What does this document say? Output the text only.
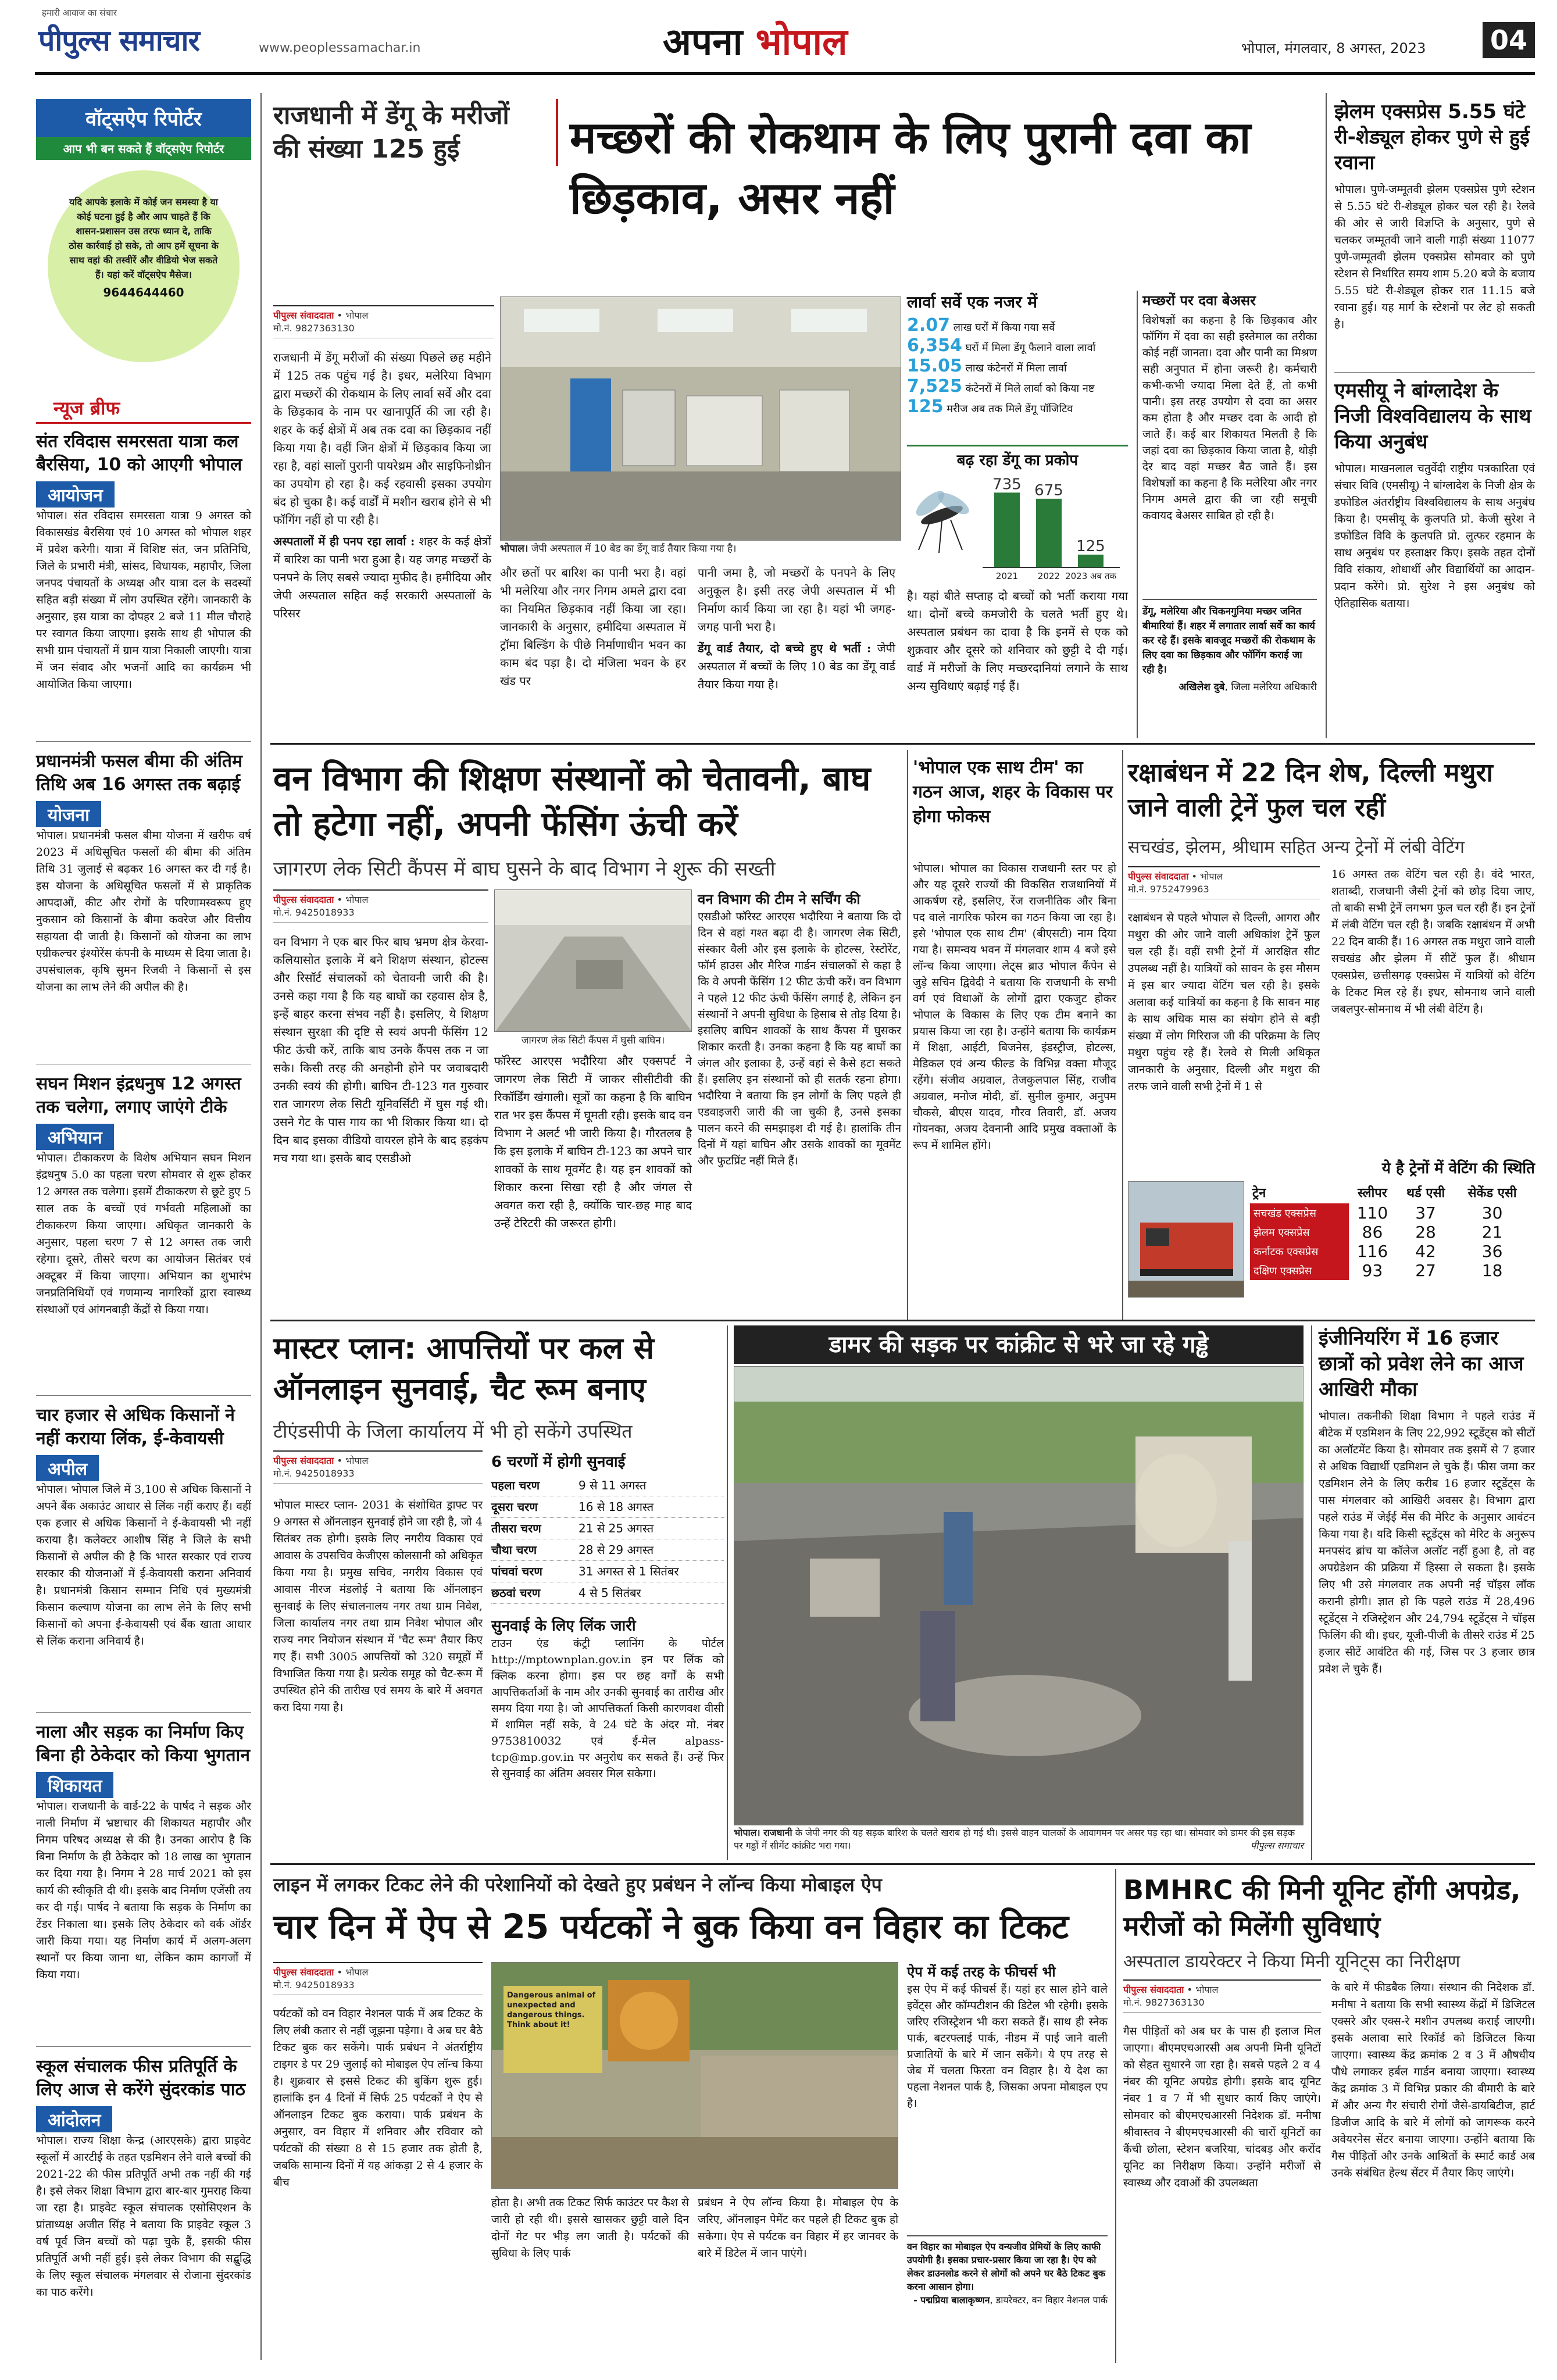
हमारी आवाज का संचार
पीपुल्स समाचार	www.peoplessamachar.in	अपना भोपाल	भोपाल, मंगलवार, 8 अगस्त, 2023 04
वॉट्सऐप रिपोर्टर
आप भी बन सकते हैं वॉट्सऐप रिपोर्टर
यदि आपके इलाके में कोई जन समस्या है या कोई घटना हुई है और आप चाहते हैं कि शासन-प्रशासन उस तरफ ध्यान दे, ताकि ठोस कार्रवाई हो सके, तो आप हमें सूचना के साथ वहां की तस्वीरें और वीडियो भेज सकते हैं। यहां करें वॉट्सऐप मैसेज।
9644644460
न्यूज ब्रीफ
संत रविदास समरसता यात्रा कल बैरसिया, 10 को आएगी भोपाल
आयोजन
भोपाल। संत रविदास समरसता यात्रा 9 अगस्त को विकासखंड बैरसिया एवं 10 अगस्त को भोपाल शहर में प्रवेश करेगी। यात्रा में विशिष्ट संत, जन प्रतिनिधि, जिले के प्रभारी मंत्री, सांसद, विधायक, महापौर, जिला जनपद पंचायतों के अध्यक्ष और यात्रा दल के सदस्यों सहित बड़ी संख्या में लोग उपस्थित रहेंगे। जानकारी के अनुसार, इस यात्रा का दोपहर 2 बजे 11 मील चौराहे पर स्वागत किया जाएगा। इसके साथ ही भोपाल की सभी ग्राम पंचायतों में ग्राम यात्रा निकाली जाएगी। यात्रा में जन संवाद और भजनों आदि का कार्यक्रम भी आयोजित किया जाएगा।
प्रधानमंत्री फसल बीमा की अंतिम तिथि अब 16 अगस्त तक बढ़ाई
योजना
भोपाल। प्रधानमंत्री फसल बीमा योजना में खरीफ वर्ष 2023 में अधिसूचित फसलों की बीमा की अंतिम तिथि 31 जुलाई से बढ़कर 16 अगस्त कर दी गई है। इस योजना के अधिसूचित फसलों में से प्राकृतिक आपदाओं, कीट और रोगों के परिणामस्वरूप हुए नुकसान को किसानों के बीमा कवरेज और वित्तीय सहायता दी जाती है। किसानों को योजना का लाभ एग्रीकल्चर इंश्योरेंस कंपनी के माध्यम से दिया जाता है। उपसंचालक, कृषि सुमन रिजवी ने किसानों से इस योजना का लाभ लेने की अपील की है।
सघन मिशन इंद्रधनुष 12 अगस्त तक चलेगा, लगाए जाएंगे टीके
अभियान
भोपाल। टीकाकरण के विशेष अभियान सघन मिशन इंद्रधनुष 5.0 का पहला चरण सोमवार से शुरू होकर 12 अगस्त तक चलेगा। इसमें टीकाकरण से छूटे हुए 5 साल तक के बच्चों एवं गर्भवती महिलाओं का टीकाकरण किया जाएगा। अधिकृत जानकारी के अनुसार, पहला चरण 7 से 12 अगस्त तक जारी रहेगा। दूसरे, तीसरे चरण का आयोजन सितंबर एवं अक्टूबर में किया जाएगा। अभियान का शुभारंभ जनप्रतिनिधियों एवं गणमान्य नागरिकों द्वारा स्वास्थ्य संस्थाओं एवं आंगनबाड़ी केंद्रों से किया गया।
चार हजार से अधिक किसानों ने नहीं कराया लिंक, ई-केवायसी
अपील
भोपाल। भोपाल जिले में 3,100 से अधिक किसानों ने अपने बैंक अकाउंट आधार से लिंक नहीं कराए हैं। वहीं एक हजार से अधिक किसानों ने ई-केवायसी भी नहीं कराया है। कलेक्टर आशीष सिंह ने जिले के सभी किसानों से अपील की है कि भारत सरकार एवं राज्य सरकार की योजनाओं में ई-केवायसी कराना अनिवार्य है। प्रधानमंत्री किसान सम्मान निधि एवं मुख्यमंत्री किसान कल्याण योजना का लाभ लेने के लिए सभी किसानों को अपना ई-केवायसी एवं बैंक खाता आधार से लिंक कराना अनिवार्य है।
नाला और सड़क का निर्माण किए बिना ही ठेकेदार को किया भुगतान
शिकायत
भोपाल। राजधानी के वार्ड-22 के पार्षद ने सड़क और नाली निर्माण में भ्रष्टाचार की शिकायत महापौर और निगम परिषद अध्यक्ष से की है। उनका आरोप है कि बिना निर्माण के ही ठेकेदार को 18 लाख का भुगतान कर दिया गया है। निगम ने 28 मार्च 2021 को इस कार्य की स्वीकृति दी थी। इसके बाद निर्माण एजेंसी तय कर दी गई। पार्षद ने बताया कि सड़क के निर्माण का टेंडर निकाला था। इसके लिए ठेकेदार को वर्क ऑर्डर जारी किया गया। यह निर्माण कार्य में अलग-अलग स्थानों पर किया जाना था, लेकिन काम कागजों में किया गया।
स्कूल संचालक फीस प्रतिपूर्ति के लिए आज से करेंगे सुंदरकांड पाठ
आंदोलन
भोपाल। राज्य शिक्षा केन्द्र (आरएसके) द्वारा प्राइवेट स्कूलों में आरटीई के तहत एडमिशन लेने वाले बच्चों की 2021-22 की फीस प्रतिपूर्ति अभी तक नहीं की गई है। इसे लेकर शिक्षा विभाग द्वारा बार-बार गुमराह किया जा रहा है। प्राइवेट स्कूल संचालक एसोसिएशन के प्रांताध्यक्ष अजीत सिंह ने बताया कि प्राइवेट स्कूल 3 वर्ष पूर्व जिन बच्चों को पढ़ा चुके हैं, इसकी फीस प्रतिपूर्ति अभी नहीं हुई। इसे लेकर विभाग की सद्बुद्धि के लिए स्कूल संचालक मंगलवार से रोजाना सुंदरकांड का पाठ करेंगे।
राजधानी में डेंगू के मरीजों की संख्या 125 हुई	मच्छरों की रोकथाम के लिए पुरानी दवा का छिड़काव, असर नहीं
पीपुल्स संवाददाता • भोपाल
मो.नं. 9827363130
भोपाल। जेपी अस्पताल में 10 बेड का डेंगू वार्ड तैयार किया गया है।

राजधानी में डेंगू मरीजों की संख्या पिछले छह महीने में 125 तक पहुंच गई है। इधर, मलेरिया विभाग द्वारा मच्छरों की रोकथाम के लिए लार्वा सर्वे और दवा के छिड़काव के नाम पर खानापूर्ति की जा रही है। शहर के कई क्षेत्रों में अब तक दवा का छिड़काव नहीं किया गया है। वहीं जिन क्षेत्रों में छिड़काव किया जा रहा है, वहां सालों पुरानी पायरेथ्रम और साइफिनोथ्रीन का उपयोग हो रहा है। कई रहवासी इसका उपयोग बंद हो चुका है। कई वार्डों में मशीन खराब होने से भी फॉगिंग नहीं हो पा रही है।

अस्पतालों में ही पनप रहा लार्वा : शहर के कई क्षेत्रों में बारिश का पानी भरा हुआ है। यह जगह मच्छरों के पनपने के लिए सबसे ज्यादा मुफीद है। हमीदिया और जेपी अस्पताल सहित कई सरकारी अस्पतालों के परिसर

और छतों पर बारिश का पानी भरा है। वहां भी मलेरिया और नगर निगम अमले द्वारा दवा का नियमित छिड़काव नहीं किया जा रहा। जानकारी के अनुसार, हमीदिया अस्पताल में ट्रॉमा बिल्डिंग के पीछे निर्माणाधीन भवन का काम बंद पड़ा है। दो मंजिला भवन के हर खंड पर

पानी जमा है, जो मच्छरों के पनपने के लिए अनुकूल है। इसी तरह जेपी अस्पताल में भी निर्माण कार्य किया जा रहा है। यहां भी जगह-जगह पानी भरा है।

डेंगू वार्ड तैयार, दो बच्चे हुए थे भर्ती : जेपी अस्पताल में बच्चों के लिए 10 बेड का डेंगू वार्ड तैयार किया गया है।

लार्वा सर्वे एक नजर में
2.07 लाख घरों में किया गया सर्वे
6,354 घरों में मिला डेंगू फैलाने वाला लार्वा
15.05 लाख कंटेनरों में मिला लार्वा
7,525 कंटेनरों में मिले लार्वा को किया नष्ट
125 मरीज अब तक मिले डेंगू पॉजिटिव
बढ़ रहा डेंगू का प्रकोप
735
2021
675
2022
125
2023 अब तक

है। यहां बीते सप्ताह दो बच्चों को भर्ती कराया गया था। दोनों बच्चे कमजोरी के चलते भर्ती हुए थे। अस्पताल प्रबंधन का दावा है कि इनमें से एक को शुक्रवार और दूसरे को शनिवार को छुट्टी दे दी गई। वार्ड में मरीजों के लिए मच्छरदानियां लगाने के साथ अन्य सुविधाएं बढ़ाई गई हैं।

मच्छरों पर दवा बेअसर
विशेषज्ञों का कहना है कि छिड़काव और फॉगिंग में दवा का सही इस्तेमाल का तरीका कोई नहीं जानता। दवा और पानी का मिश्रण सही अनुपात में होना जरूरी है। कर्मचारी कभी-कभी ज्यादा मिला देते हैं, तो कभी पानी। इस तरह उपयोग से दवा का असर कम होता है और मच्छर दवा के आदी हो जाते हैं। कई बार शिकायत मिलती है कि जहां दवा का छिड़काव किया जाता है, थोड़ी देर बाद वहां मच्छर बैठ जाते हैं। इस विशेषज्ञों का कहना है कि मलेरिया और नगर निगम अमले द्वारा की जा रही समूची कवायद बेअसर साबित हो रही है।
डेंगू, मलेरिया और चिकनगुनिया मच्छर जनित बीमारियां हैं। शहर में लगातार लार्वा सर्वे का कार्य कर रहे हैं। इसके बावजूद मच्छरों की रोकथाम के लिए दवा का छिड़काव और फॉगिंग कराई जा रही है।
अखिलेश दुबे, जिला मलेरिया अधिकारी
झेलम एक्सप्रेस 5.55 घंटे री-शेड्यूल होकर पुणे से हुई रवाना
भोपाल। पुणे-जम्मूतवी झेलम एक्सप्रेस पुणे स्टेशन से 5.55 घंटे री-शेड्यूल होकर चल रही है। रेलवे की ओर से जारी विज्ञप्ति के अनुसार, पुणे से चलकर जम्मूतवी जाने वाली गाड़ी संख्या 11077 पुणे-जम्मूतवी झेलम एक्सप्रेस सोमवार को पुणे स्टेशन से निर्धारित समय शाम 5.20 बजे के बजाय 5.55 घंटे री-शेड्यूल होकर रात 11.15 बजे रवाना हुई। यह मार्ग के स्टेशनों पर लेट हो सकती है।
एमसीयू ने बांग्लादेश के निजी विश्वविद्यालय के साथ किया अनुबंध
भोपाल। माखनलाल चतुर्वेदी राष्ट्रीय पत्रकारिता एवं संचार विवि (एमसीयू) ने बांग्लादेश के निजी क्षेत्र के डफोडिल अंतर्राष्ट्रीय विश्वविद्यालय के साथ अनुबंध किया है। एमसीयू के कुलपति प्रो. केजी सुरेश ने डफोडिल विवि के कुलपति प्रो. लुत्फर रहमान के साथ अनुबंध पर हस्ताक्षर किए। इसके तहत दोनों विवि संकाय, शोधार्थी और विद्यार्थियों का आदान-प्रदान करेंगे। प्रो. सुरेश ने इस अनुबंध को ऐतिहासिक बताया।
वन विभाग की शिक्षण संस्थानों को चेतावनी, बाघ तो हटेगा नहीं, अपनी फेंसिंग ऊंची करें
जागरण लेक सिटी कैंपस में बाघ घुसने के बाद विभाग ने शुरू की सख्ती
पीपुल्स संवाददाता • भोपाल
मो.नं. 9425018933
वन विभाग ने एक बार फिर बाघ भ्रमण क्षेत्र केरवा-कलियासोत इलाके में बने शिक्षण संस्थान, होटल्स और रिसॉर्ट संचालकों को चेतावनी जारी की है। उनसे कहा गया है कि यह बाघों का रहवास क्षेत्र है, इन्हें बाहर करना संभव नहीं है। इसलिए, ये शिक्षण संस्थान सुरक्षा की दृष्टि से स्वयं अपनी फेंसिंग 12 फीट ऊंची करें, ताकि बाघ उनके कैंपस तक न जा सके। किसी तरह की अनहोनी होने पर जवाबदारी उनकी स्वयं की होगी। बाघिन टी-123 गत गुरुवार रात जागरण लेक सिटी यूनिवर्सिटी में घुस गई थी। उसने गेट के पास गाय का भी शिकार किया था। दो दिन बाद इसका वीडियो वायरल होने के बाद हड़कंप मच गया था। इसके बाद एसडीओ
जागरण लेक सिटी कैंपस में घुसी बाघिन।
फॉरेस्ट आरएस भदौरिया और एक्सपर्ट ने जागरण लेक सिटी में जाकर सीसीटीवी की रिकॉर्डिंग खंगाली। सूत्रों का कहना है कि बाघिन रात भर इस कैंपस में घूमती रही। इसके बाद वन विभाग ने अलर्ट भी जारी किया है। गौरतलब है कि इस इलाके में बाघिन टी-123 का अपने चार शावकों के साथ मूवमेंट है। यह इन शावकों को शिकार करना सिखा रही है और जंगल से अवगत करा रही है, क्योंकि चार-छह माह बाद उन्हें टेरिटरी की जरूरत होगी।
वन विभाग की टीम ने सर्चिंग की
एसडीओ फॉरेस्ट आरएस भदौरिया ने बताया कि दो दिन से वहां गश्त बढ़ा दी है। जागरण लेक सिटी, संस्कार वैली और इस इलाके के होटल्स, रेस्टोरेंट, फॉर्म हाउस और मैरिज गार्डन संचालकों से कहा है कि वे अपनी फेंसिंग 12 फीट ऊंची करें। वन विभाग ने पहले 12 फीट ऊंची फेंसिंग लगाई है, लेकिन इन संस्थानों ने अपनी सुविधा के हिसाब से तोड़ दिया है। इसलिए बाघिन शावकों के साथ कैंपस में घुसकर शिकार करती है। उनका कहना है कि यह बाघों का जंगल और इलाका है, उन्हें वहां से कैसे हटा सकते हैं। इसलिए इन संस्थानों को ही सतर्क रहना होगा। भदौरिया ने बताया कि इन लोगों के लिए पहले ही एडवाइजरी जारी की जा चुकी है, उनसे इसका पालन करने की समझाइश दी गई है। हालांकि तीन दिनों में यहां बाघिन और उसके शावकों का मूवमेंट और फुटप्रिंट नहीं मिले हैं।
'भोपाल एक साथ टीम' का गठन आज, शहर के विकास पर होगा फोकस
भोपाल। भोपाल का विकास राजधानी स्तर पर हो और यह दूसरे राज्यों की विकसित राजधानियों में आकर्षण रहे, इसलिए, रेंज राजनीतिक और बिना पद वाले नागरिक फोरम का गठन किया जा रहा है। इसे 'भोपाल एक साथ टीम' (बीएसटी) नाम दिया गया है। समन्वय भवन में मंगलवार शाम 4 बजे इसे लॉन्च किया जाएगा। लेट्स ब्राउ भोपाल कैंपेन से जुड़े सचिन द्विवेदी ने बताया कि राजधानी के सभी वर्ग एवं विधाओं के लोगों द्वारा एकजुट होकर भोपाल के विकास के लिए एक टीम बनाने का प्रयास किया जा रहा है। उन्होंने बताया कि कार्यक्रम में शिक्षा, आईटी, बिजनेस, इंडस्ट्रीज, होटल्स, मेडिकल एवं अन्य फील्ड के विभिन्न वक्ता मौजूद रहेंगे। संजीव अग्रवाल, तेजकुलपाल सिंह, राजीव अग्रवाल, मनोज मोदी, डॉ. सुनील कुमार, अनुपम चौकसे, बीएस यादव, गौरव तिवारी, डॉ. अजय गोयनका, अजय देवनानी आदि प्रमुख वक्ताओं के रूप में शामिल होंगे।
रक्षाबंधन में 22 दिन शेष, दिल्ली मथुरा जाने वाली ट्रेनें फुल चल रहीं
सचखंड, झेलम, श्रीधाम सहित अन्य ट्रेनों में लंबी वेटिंग
पीपुल्स संवाददाता • भोपाल
मो.नं. 9752479963
रक्षाबंधन से पहले भोपाल से दिल्ली, आगरा और मथुरा की ओर जाने वाली अधिकांश ट्रेनें फुल चल रही हैं। वहीं सभी ट्रेनों में आरक्षित सीट उपलब्ध नहीं है। यात्रियों को सावन के इस मौसम में इस बार ज्यादा वेटिंग चल रही है। इसके अलावा कई यात्रियों का कहना है कि सावन माह के साथ अधिक मास का संयोग होने से बड़ी संख्या में लोग गिरिराज जी की परिक्रमा के लिए मथुरा पहुंच रहे हैं। रेलवे से मिली अधिकृत जानकारी के अनुसार, दिल्ली और मथुरा की तरफ जाने वाली सभी ट्रेनों में 1 से
16 अगस्त तक वेटिंग चल रही है। वंदे भारत, शताब्दी, राजधानी जैसी ट्रेनों को छोड़ दिया जाए, तो बाकी सभी ट्रेनें लगभग फुल चल रही हैं। इन ट्रेनों में लंबी वेटिंग चल रही है। जबकि रक्षाबंधन में अभी 22 दिन बाकी हैं। 16 अगस्त तक मथुरा जाने वाली सचखंड और झेलम में सीटें फुल हैं। श्रीधाम एक्सप्रेस, छत्तीसगढ़ एक्सप्रेस में यात्रियों को वेटिंग के टिकट मिल रहे हैं। इधर, सोमनाथ जाने वाली जबलपुर-सोमनाथ में भी लंबी वेटिंग है।
ये है ट्रेनों में वेटिंग की स्थिति
ट्रेन	स्लीपर	थर्ड एसी	सेकेंड एसी
सचखंड एक्सप्रेस	110	37	30
झेलम एक्सप्रेस	86	28	21
कर्नाटक एक्सप्रेस	116	42	36
दक्षिण एक्सप्रेस	93	27	18
मास्टर प्लान: आपत्तियों पर कल से ऑनलाइन सुनवाई, चैट रूम बनाए
टीएंडसीपी के जिला कार्यालय में भी हो सकेंगे उपस्थित
पीपुल्स संवाददाता • भोपाल
मो.नं. 9425018933
भोपाल मास्टर प्लान- 2031 के संशोधित ड्राफ्ट पर 9 अगस्त से ऑनलाइन सुनवाई होने जा रही है, जो 4 सितंबर तक होगी। इसके लिए नगरीय विकास एवं आवास के उपसचिव केजीएस कोलसानी को अधिकृत किया गया है। प्रमुख सचिव, नगरीय विकास एवं आवास नीरज मंडलोई ने बताया कि ऑनलाइन सुनवाई के लिए संचालनालय नगर तथा ग्राम निवेश, जिला कार्यालय नगर तथा ग्राम निवेश भोपाल और राज्य नगर नियोजन संस्थान में 'चैट रूम' तैयार किए गए हैं। सभी 3005 आपत्तियों को 320 समूहों में विभाजित किया गया है। प्रत्येक समूह को चैट-रूम में उपस्थित होने की तारीख एवं समय के बारे में अवगत करा दिया गया है।
6 चरणों में होगी सुनवाई
पहला चरण	9 से 11 अगस्त
दूसरा चरण	16 से 18 अगस्त
तीसरा चरण	21 से 25 अगस्त
चौथा चरण	28 से 29 अगस्त
पांचवां चरण	31 अगस्त से 1 सितंबर
छठवां चरण	4 से 5 सितंबर
सुनवाई के लिए लिंक जारी
टाउन एंड कंट्री प्लानिंग के पोर्टल http://mptownplan.gov.in इन पर लिंक को क्लिक करना होगा। इस पर छह वर्गों के सभी आपत्तिकर्ताओं के नाम और उनकी सुनवाई का तारीख और समय दिया गया है। जो आपत्तिकर्ता किसी कारणवश वीसी में शामिल नहीं सके, वे 24 घंटे के अंदर मो. नंबर 9753810032 एवं ई-मेल alpass-tcp@mp.gov.in पर अनुरोध कर सकते हैं। उन्हें फिर से सुनवाई का अंतिम अवसर मिल सकेगा।
डामर की सड़क पर कांक्रीट से भरे जा रहे गड्ढे
भोपाल। राजधानी के जेपी नगर की यह सड़क बारिश के चलते खराब हो गई थी। इससे वाहन चालकों के आवागमन पर असर पड़ रहा था। सोमवार को डामर की इस सड़क पर गड्ढों में सीमेंट कांक्रीट भरा गया।	पीपुल्स समाचार
इंजीनियरिंग में 16 हजार छात्रों को प्रवेश लेने का आज आखिरी मौका
भोपाल। तकनीकी शिक्षा विभाग ने पहले राउंड में बीटेक में एडमिशन के लिए 22,992 स्टूडेंट्स को सीटों का अलॉटमेंट किया है। सोमवार तक इसमें से 7 हजार से अधिक विद्यार्थी एडमिशन ले चुके हैं। फीस जमा कर एडमिशन लेने के लिए करीब 16 हजार स्टूडेंट्स के पास मंगलवार को आखिरी अवसर है। विभाग द्वारा पहले राउंड में जेईई मेंस की मेरिट के अनुसार आवंटन किया गया है। यदि किसी स्टूडेंट्स को मेरिट के अनुरूप मनपसंद ब्रांच या कॉलेज अलॉट नहीं हुआ है, तो वह अपग्रेडेशन की प्रक्रिया में हिस्सा ले सकता है। इसके लिए भी उसे मंगलवार तक अपनी नई चॉइस लॉक करानी होगी। ज्ञात हो कि पहले राउंड में 28,496 स्टूडेंट्स ने रजिस्ट्रेशन और 24,794 स्टूडेंट्स ने चॉइस फिलिंग की थी। इधर, यूजी-पीजी के तीसरे राउंड में 25 हजार सीटें आवंटित की गई, जिस पर 3 हजार छात्र प्रवेश ले चुके हैं।
लाइन में लगकर टिकट लेने की परेशानियों को देखते हुए प्रबंधन ने लॉन्च किया मोबाइल ऐप
चार दिन में ऐप से 25 पर्यटकों ने बुक किया वन विहार का टिकट
पीपुल्स संवाददाता • भोपाल
मो.नं. 9425018933
पर्यटकों को वन विहार नेशनल पार्क में अब टिकट के लिए लंबी कतार से नहीं जूझना पड़ेगा। वे अब घर बैठे टिकट बुक कर सकेंगे। पार्क प्रबंधन ने अंतर्राष्ट्रीय टाइगर डे पर 29 जुलाई को मोबाइल ऐप लॉन्च किया है। शुक्रवार से इससे टिकट की बुकिंग शुरू हुई। हालांकि इन 4 दिनों में सिर्फ 25 पर्यटकों ने ऐप से ऑनलाइन टिकट बुक कराया। पार्क प्रबंधन के अनुसार, वन विहार में शनिवार और रविवार को पर्यटकों की संख्या 8 से 15 हजार तक होती है, जबकि सामान्य दिनों में यह आंकड़ा 2 से 4 हजार के बीच
Dangerous animal of unexpected and dangerous things. Think about it!
होता है। अभी तक टिकट सिर्फ काउंटर पर कैश से जारी हो रही थी। इससे खासकर छुट्टी वाले दिन दोनों गेट पर भीड़ लग जाती है। पर्यटकों की सुविधा के लिए पार्क
प्रबंधन ने ऐप लॉन्च किया है। मोबाइल ऐप के जरिए, ऑनलाइन पेमेंट कर पहले ही टिकट बुक हो सकेगा। ऐप से पर्यटक वन विहार में हर जानवर के बारे में डिटेल में जान पाएंगे।
ऐप में कई तरह के फीचर्स भी
इस ऐप में कई फीचर्स हैं। यहां हर साल होने वाले इवेंट्स और कॉम्पटीशन की डिटेल भी रहेगी। इसके जरिए रजिस्ट्रेशन भी करा सकते हैं। साथ ही स्नेक पार्क, बटरफ्लाई पार्क, नीडम में पाई जाने वाली प्रजातियों के बारे में जान सकेंगे। ये एप तरह से जेब में चलता फिरता वन विहार है। ये देश का पहला नेशनल पार्क है, जिसका अपना मोबाइल एप है।
वन विहार का मोबाइल ऐप वन्यजीव प्रेमियों के लिए काफी उपयोगी है। इसका प्रचार-प्रसार किया जा रहा है। ऐप को लेकर डाउनलोड करने से लोगों को अपने घर बैठे टिकट बुक करना आसान होगा।
- पद्मप्रिया बालाकृष्णन, डायरेक्टर, वन विहार नेशनल पार्क
BMHRC की मिनी यूनिट होंगी अपग्रेड, मरीजों को मिलेंगी सुविधाएं
अस्पताल डायरेक्टर ने किया मिनी यूनिट्स का निरीक्षण
पीपुल्स संवाददाता • भोपाल
मो.नं. 9827363130
गैस पीड़ितों को अब घर के पास ही इलाज मिल जाएगा। बीएमएचआरसी अब अपनी मिनी यूनिटों को सेहत सुधारने जा रहा है। सबसे पहले 2 व 4 नंबर की यूनिट अपग्रेड होगी। इसके बाद यूनिट नंबर 1 व 7 में भी सुधार कार्य किए जाएंगे। सोमवार को बीएमएचआरसी निदेशक डॉ. मनीषा श्रीवास्तव ने बीएमएचआरसी की चारों यूनिटों का कैंची छोला, स्टेशन बजरिया, चांदबड़ और करोंद यूनिट का निरीक्षण किया। उन्होंने मरीजों से स्वास्थ्य और दवाओं की उपलब्धता
के बारे में फीडबैक लिया। संस्थान की निदेशक डॉ. मनीषा ने बताया कि सभी स्वास्थ्य केंद्रों में डिजिटल एक्सरे और एक्स-रे मशीन उपलब्ध कराई जाएगी। इसके अलावा सारे रिकॉर्ड को डिजिटल किया जाएगा। स्वास्थ्य केंद्र क्रमांक 2 व 3 में औषधीय पौधे लगाकर हर्बल गार्डन बनाया जाएगा। स्वास्थ्य केंद्र क्रमांक 3 में विभिन्न प्रकार की बीमारी के बारे में और अन्य गैर संचारी रोगों जैसे-डायबिटीज, हार्ट डिजीज आदि के बारे में लोगों को जागरूक करने अवेयरनेस सेंटर बनाया जाएगा। उन्होंने बताया कि गैस पीड़ितों और उनके आश्रितों के स्मार्ट कार्ड अब उनके संबंधित हेल्थ सेंटर में तैयार किए जाएंगे।
